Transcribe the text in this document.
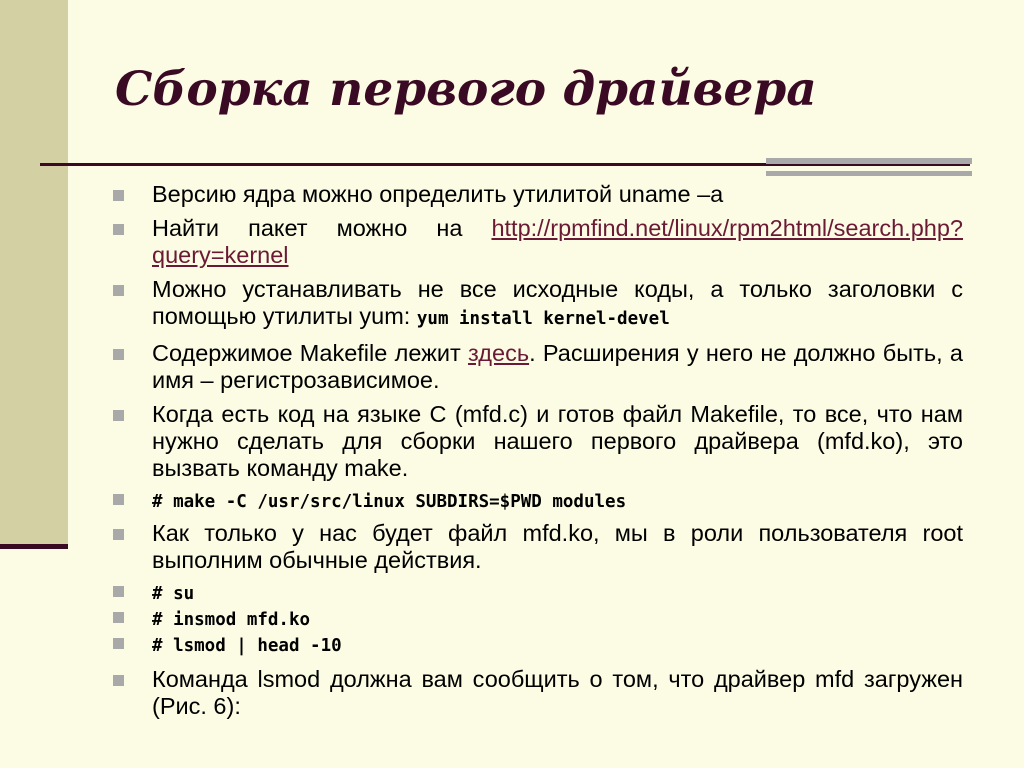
Сборка первого драйвера
Версию ядра можно определить утилитой uname –a
Найти пакет можно на http://rpmfind.net/linux/rpm2html/search.php?query=kernel
Можно устанавливать не все исходные коды, а только заголовки с помощью утилиты yum: yum install kernel-devel
Содержимое Makefile лежит здесь. Расширения у него не должно быть, а имя – регистрозависимое.
Когда есть код на языке C (mfd.c) и готов файл Makefile, то все, что нам нужно сделать для сборки нашего первого драйвера (mfd.ko), это вызвать команду make.
# make -C /usr/src/linux SUBDIRS=$PWD modules
Как только у нас будет файл mfd.ko, мы в роли пользователя root выполним обычные действия.
# su
# insmod mfd.ko
# lsmod | head -10
Команда lsmod должна вам сообщить о том, что драйвер mfd загружен (Рис. 6):
